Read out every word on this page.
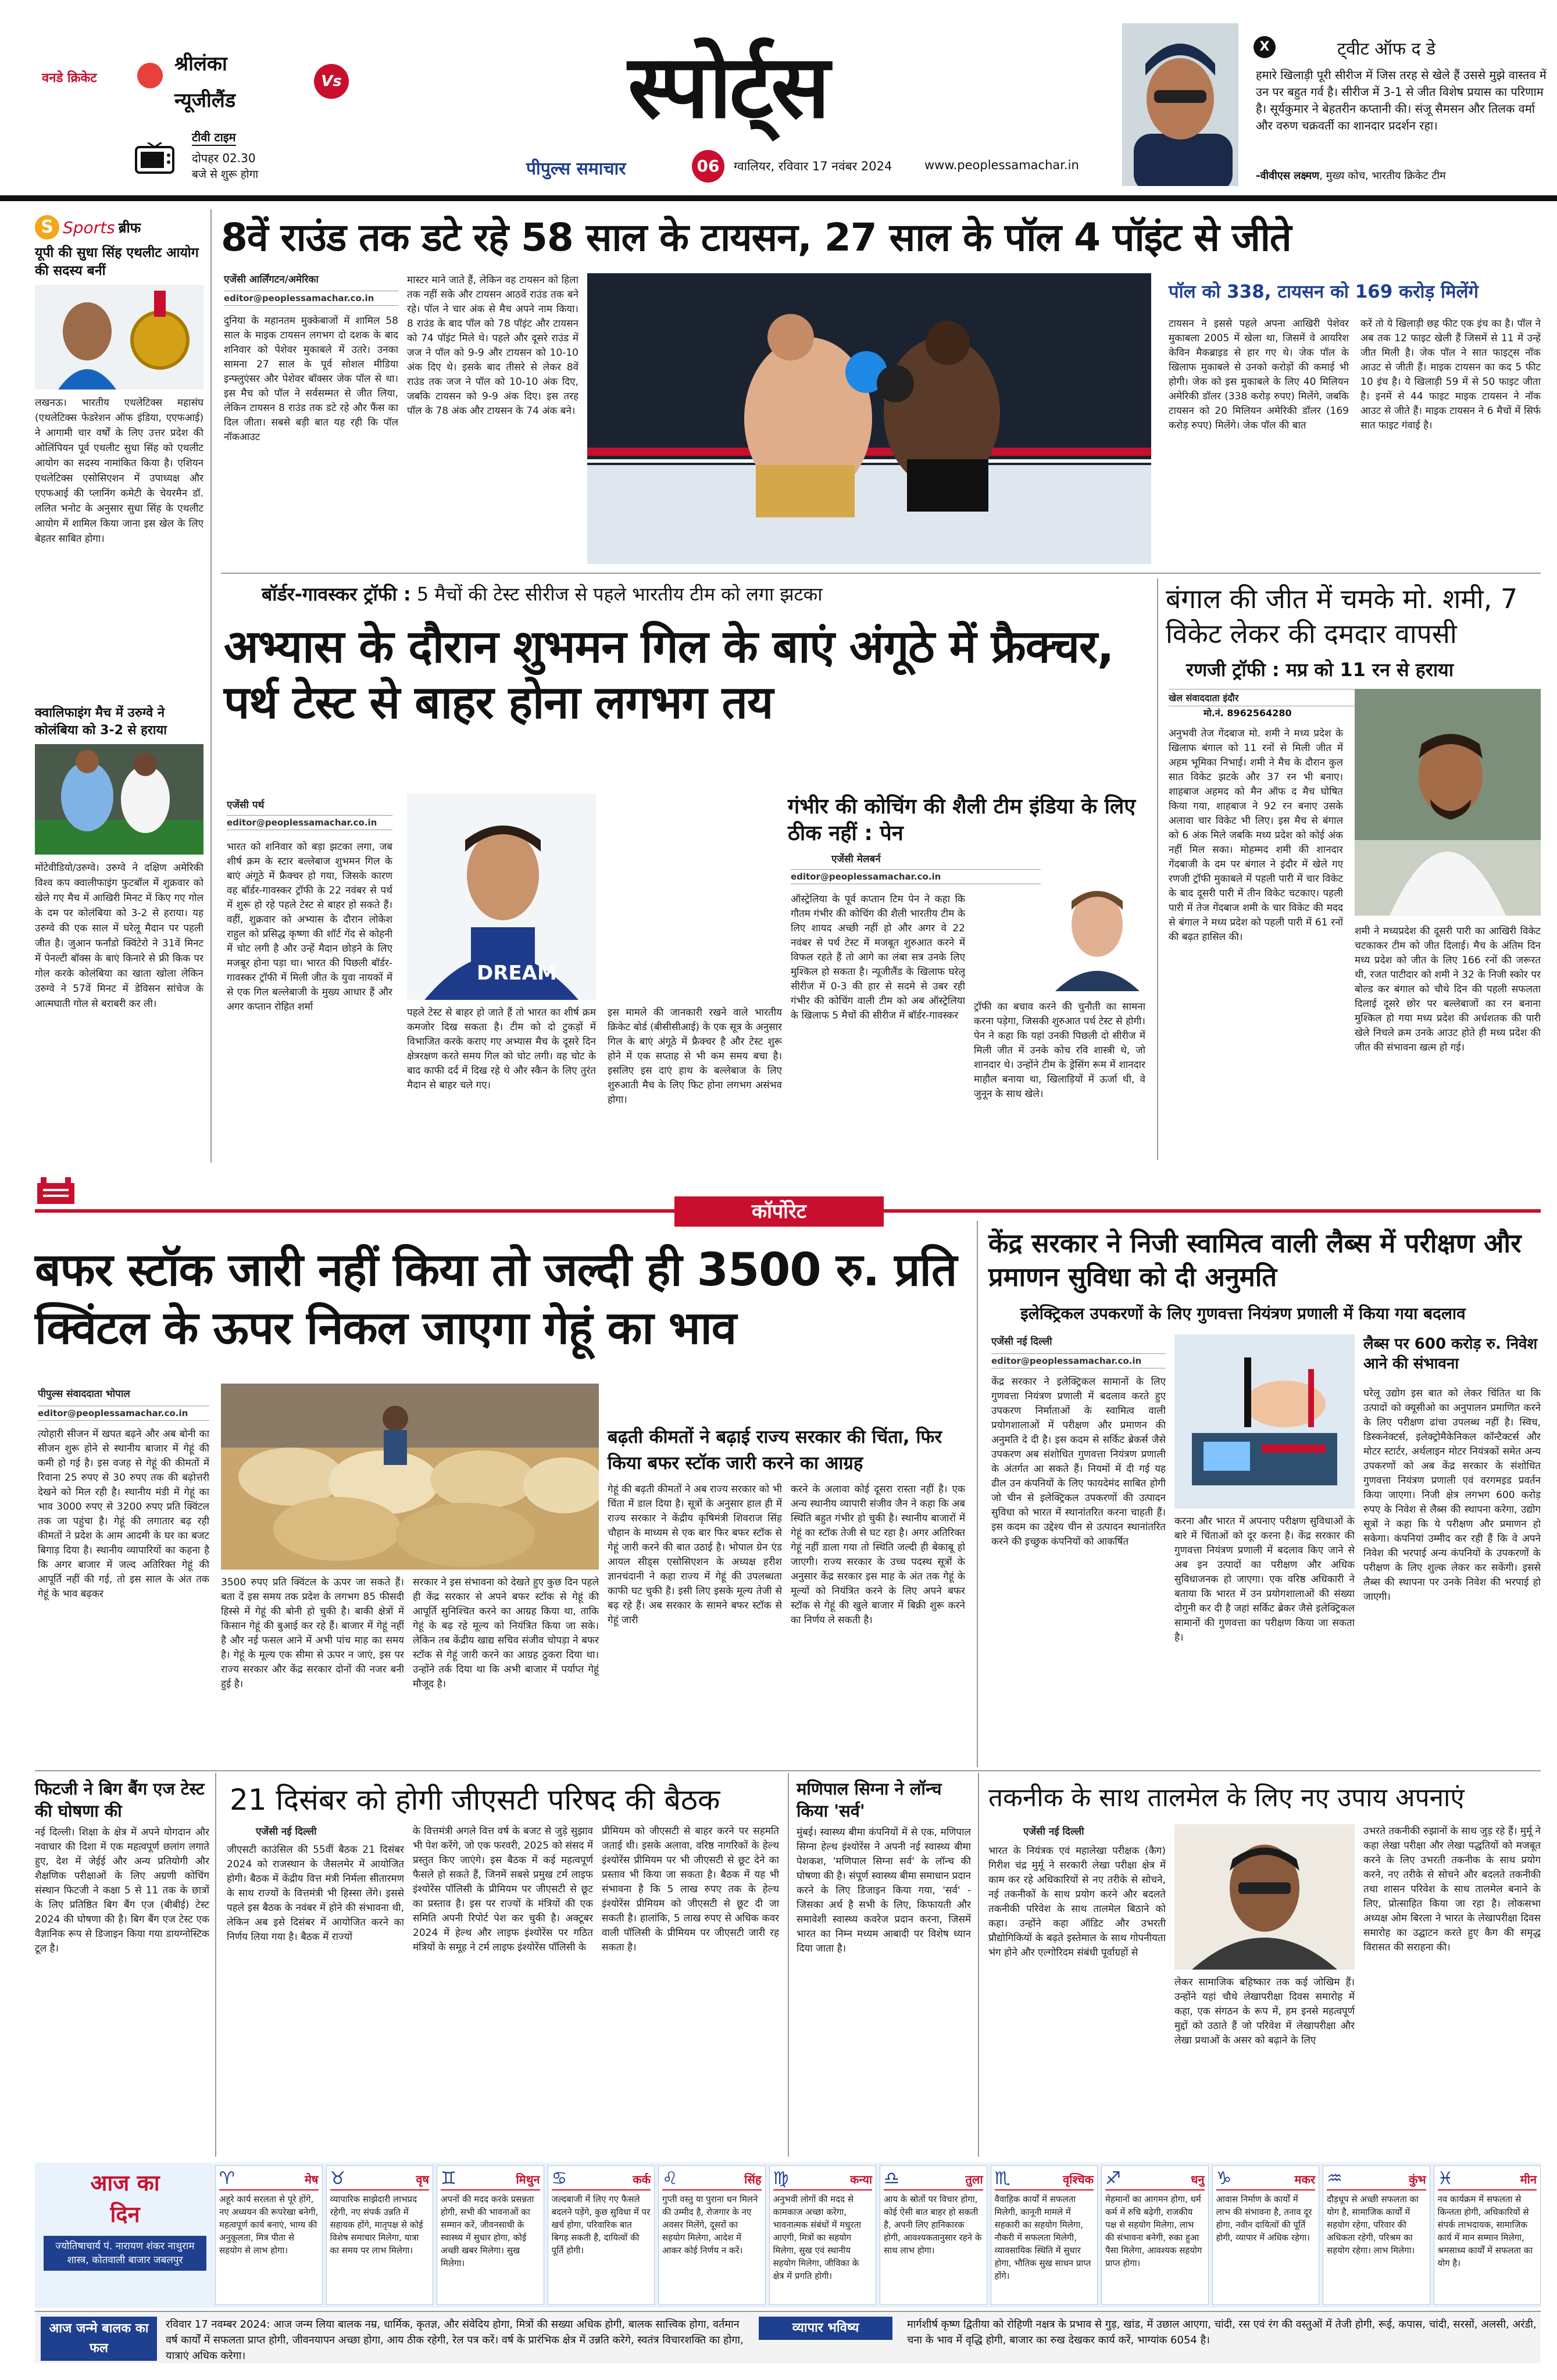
वनडे क्रिकेट
श्रीलंका
Vs
न्यूजीलैंड
टीवी टाइम
दोपहर 02.30
बजे से शुरू होगा
स्पोर्ट्स
पीपुल्स समाचार	06	ग्वालियर, रविवार 17 नवंबर 2024	www.peoplessamachar.in
X	ट्वीट ऑफ द डे
हमारे खिलाड़ी पूरी सीरीज में जिस तरह से खेले हैं उससे मुझे वास्तव में उन पर बहुत गर्व है। सीरीज में 3-1 से जीत विशेष प्रयास का परिणाम है। सूर्यकुमार ने बेहतरीन कप्तानी की। संजू सैमसन और तिलक वर्मा और वरुण चक्रवर्ती का शानदार प्रदर्शन रहा।
-वीवीएस लक्ष्मण, मुख्य कोच, भारतीय क्रिकेट टीम
S Sports ब्रीफ
यूपी की सुधा सिंह एथलीट आयोग की सदस्य बनीं
लखनऊ। भारतीय एथलेटिक्स महासंघ (एथलेटिक्स फेडरेशन ऑफ इंडिया, एएफआई) ने आगामी चार वर्षों के लिए उत्तर प्रदेश की ओलिंपियन पूर्व एथलीट सुधा सिंह को एथलीट आयोग का सदस्य नामांकित किया है। एशियन एथलेटिक्स एसोसिएशन में उपाध्यक्ष और एएफआई की प्लानिंग कमेटी के चेयरमैन डॉ. ललित भनोट के अनुसार सुधा सिंह के एथलीट आयोग में शामिल किया जाना इस खेल के लिए बेहतर साबित होगा।
क्वालिफाइंग मैच में उरुग्वे ने कोलंबिया को 3-2 से हराया
मोंटेवीडियो/उरुग्वे। उरुग्वे ने दक्षिण अमेरिकी विश्व कप क्वालीफाइंग फुटबॉल में शुक्रवार को खेले गए मैच में आखिरी मिनट में किए गए गोल के दम पर कोलंबिया को 3-2 से हराया। यह उरुग्वे की एक साल में घरेलू मैदान पर पहली जीत है। जुआन फर्नांडो क्विंटेरो ने 31वें मिनट में पेनल्टी बॉक्स के बाएं किनारे से फ्री किक पर गोल करके कोलंबिया का खाता खोला लेकिन उरुग्वे ने 57वें मिनट में डेविसन सांचेज के आत्मघाती गोल से बराबरी कर ली।
8वें राउंड तक डटे रहे 58 साल के टायसन, 27 साल के पॉल 4 पॉइंट से जीते
एजेंसी आर्लिंगटन/अमेरिका
editor@peoplessamachar.co.in
दुनिया के महानतम मुक्केबाजों में शामिल 58 साल के माइक टायसन लगभग दो दशक के बाद शनिवार को पेशेवर मुकाबले में उतरे। उनका सामना 27 साल के पूर्व सोशल मीडिया इन्फ्लुएंसर और पेशेवर बॉक्सर जेक पॉल से था। इस मैच को पॉल ने सर्वसम्मत से जीत लिया, लेकिन टायसन 8 राउंड तक डटे रहे और फैंस का दिल जीता। सबसे बड़ी बात यह रही कि पॉल नॉकआउट
मास्टर माने जाते हैं, लेकिन वह टायसन को हिला तक नहीं सके और टायसन आठवें राउंड तक बने रहे। पॉल ने चार अंक से मैच अपने नाम किया। 8 राउंड के बाद पॉल को 78 पॉइंट और टायसन को 74 पॉइंट मिले थे। पहले और दूसरे राउंड में जज ने पॉल को 9-9 और टायसन को 10-10 अंक दिए थे। इसके बाद तीसरे से लेकर 8वें राउंड तक जज ने पॉल को 10-10 अंक दिए, जबकि टायसन को 9-9 अंक दिए। इस तरह पॉल के 78 अंक और टायसन के 74 अंक बने।
पॉल को 338, टायसन को 169 करोड़ मिलेंगे
टायसन ने इससे पहले अपना आखिरी पेशेवर मुकाबला 2005 में खेला था, जिसमें वे आयरिश केविन मैकब्राइड से हार गए थे। जेक पॉल के खिलाफ मुकाबले से उनको करोड़ों की कमाई भी होगी। जेक को इस मुकाबले के लिए 40 मिलियन अमेरिकी डॉलर (338 करोड़ रुपए) मिलेंगे, जबकि टायसन को 20 मिलियन अमेरिकी डॉलर (169 करोड़ रुपए) मिलेंगे। जेक पॉल की बात
करें तो ये खिलाड़ी छह फीट एक इंच का है। पॉल ने अब तक 12 फाइट खेली हैं जिसमें से 11 में उन्हें जीत मिली है। जेक पॉल ने सात फाइट्स नॉक आउट से जीती हैं। माइक टायसन का कद 5 फीट 10 इंच है। ये खिलाड़ी 59 में से 50 फाइट जीता है। इनमें से 44 फाइट माइक टायसन ने नॉक आउट से जीते हैं। माइक टायसन ने 6 मैचों में सिर्फ सात फाइट गंवाई है।
बॉर्डर-गावस्कर ट्रॉफी : 5 मैचों की टेस्ट सीरीज से पहले भारतीय टीम को लगा झटका
अभ्यास के दौरान शुभमन गिल के बाएं अंगूठे में फ्रैक्चर, पर्थ टेस्ट से बाहर होना लगभग तय
एजेंसी पर्थ
editor@peoplessamachar.co.in
भारत को शनिवार को बड़ा झटका लगा, जब शीर्ष क्रम के स्टार बल्लेबाज शुभमन गिल के बाएं अंगूठे में फ्रैक्चर हो गया, जिसके कारण वह बॉर्डर-गावस्कर ट्रॉफी के 22 नवंबर से पर्थ में शुरू हो रहे पहले टेस्ट से बाहर हो सकते हैं। वहीं, शुक्रवार को अभ्यास के दौरान लोकेश राहुल को प्रसिद्ध कृष्णा की शॉर्ट गेंद से कोहनी में चोट लगी है और उन्हें मैदान छोड़ने के लिए मजबूर होना पड़ा था। भारत की पिछली बॉर्डर-गावस्कर ट्रॉफी में मिली जीत के युवा नायकों में से एक गिल बल्लेबाजी के मुख्य आधार हैं और अगर कप्तान रोहित शर्मा
DREAM
पहले टेस्ट से बाहर हो जाते हैं तो भारत का शीर्ष क्रम कमजोर दिख सकता है। टीम को दो टुकड़ों में विभाजित करके कराए गए अभ्यास मैच के दूसरे दिन क्षेत्ररक्षण करते समय गिल को चोट लगी। वह चोट के बाद काफी दर्द में दिख रहे थे और स्कैन के लिए तुरंत मैदान से बाहर चले गए।
इस मामले की जानकारी रखने वाले भारतीय क्रिकेट बोर्ड (बीसीसीआई) के एक सूत्र के अनुसार गिल के बाएं अंगूठे में फ्रैक्चर है और टेस्ट शुरू होने में एक सप्ताह से भी कम समय बचा है। इसलिए इस दाएं हाथ के बल्लेबाज के लिए शुरुआती मैच के लिए फिट होना लगभग असंभव होगा।
गंभीर की कोचिंग की शैली टीम इंडिया के लिए ठीक नहीं : पेन
एजेंसी मेलबर्न
editor@peoplessamachar.co.in
ऑस्ट्रेलिया के पूर्व कप्तान टिम पेन ने कहा कि गौतम गंभीर की कोचिंग की शैली भारतीय टीम के लिए शायद अच्छी नहीं हो और अगर वे 22 नवंबर से पर्थ टेस्ट में मजबूत शुरुआत करने में विफल रहते हैं तो आगे का लंबा सत्र उनके लिए मुश्किल हो सकता है। न्यूजीलैंड के खिलाफ घरेलू सीरीज में 0-3 की हार से सदमे से उबर रही गंभीर की कोचिंग वाली टीम को अब ऑस्ट्रेलिया के खिलाफ 5 मैचों की सीरीज में बॉर्डर-गावस्कर
ट्रॉफी का बचाव करने की चुनौती का सामना करना पड़ेगा, जिसकी शुरुआत पर्थ टेस्ट से होगी। पेन ने कहा कि यहां उनकी पिछली दो सीरीज में मिली जीत में उनके कोच रवि शास्त्री थे, जो शानदार थे। उन्होंने टीम के ड्रेसिंग रूम में शानदार माहौल बनाया था, खिलाड़ियों में ऊर्जा थी, वे जुनून के साथ खेले।
बंगाल की जीत में चमके मो. शमी, 7 विकेट लेकर की दमदार वापसी
रणजी ट्रॉफी : मप्र को 11 रन से हराया
खेल संवाददाता इंदौर
मो.नं. 8962564280
अनुभवी तेज गेंदबाज मो. शमी ने मध्य प्रदेश के खिलाफ बंगाल को 11 रनों से मिली जीत में अहम भूमिका निभाई। शमी ने मैच के दौरान कुल सात विकेट झटके और 37 रन भी बनाए। शाहबाज अहमद को मैन ऑफ द मैच घोषित किया गया, शाहबाज ने 92 रन बनाए उसके अलावा चार विकेट भी लिए। इस मैच से बंगाल को 6 अंक मिले जबकि मध्य प्रदेश को कोई अंक नहीं मिल सका। मोहम्मद शमी की शानदार गेंदबाजी के दम पर बंगाल ने इंदौर में खेले गए रणजी ट्रॉफी मुकाबले में पहली पारी में चार विकेट के बाद दूसरी पारी में तीन विकेट चटकाए। पहली पारी में तेज गेंदबाज शमी के चार विकेट की मदद से बंगाल ने मध्य प्रदेश को पहली पारी में 61 रनों की बढ़त हासिल की।	शमी ने मध्यप्रदेश की दूसरी पारी का आखिरी विकेट चटकाकर टीम को जीत दिलाई। मैच के अंतिम दिन मध्य प्रदेश को जीत के लिए 166 रनों की जरूरत थी, रजत पाटीदार को शमी ने 32 के निजी स्कोर पर बोल्ड कर बंगाल को चौथे दिन की पहली सफलता दिलाई दूसरे छोर पर बल्लेबाजों का रन बनाना मुश्किल हो गया मध्य प्रदेश की अर्धशतक की पारी खेले निचले क्रम उनके आउट होते ही मध्य प्रदेश की जीत की संभावना खत्म हो गई।
कॉर्पोरेट
बफर स्टॉक जारी नहीं किया तो जल्दी ही 3500 रु. प्रति क्विंटल के ऊपर निकल जाएगा गेहूं का भाव
पीपुल्स संवाददाता भोपाल
editor@peoplessamachar.co.in
त्योहारी सीजन में खपत बढ़ने और अब बोनी का सीजन शुरू होने से स्थानीय बाजार में गेहूं की कमी हो गई है। इस वजह से गेहूं की कीमतों में रिवाना 25 रुपए से 30 रुपए तक की बढ़ोत्तरी देखने को मिल रही है। स्थानीय मंडी में गेहूं का भाव 3000 रुपए से 3200 रुपए प्रति क्विंटल तक जा पहुंचा है। गेहूं की लगातार बढ़ रही कीमतों ने प्रदेश के आम आदमी के घर का बजट बिगाड़ दिया है। स्थानीय व्यापारियों का कहना है कि अगर बाजार में जल्द अतिरिक्त गेहूं की आपूर्ति नहीं की गई, तो इस साल के अंत तक गेहूं के भाव बढ़कर
3500 रुपए प्रति क्विंटल के ऊपर जा सकते हैं। बता दें इस समय तक प्रदेश के लगभग 85 फीसदी हिस्से में गेहूं की बोनी हो चुकी है। बाकी क्षेत्रों में किसान गेहूं की बुआई कर रहे हैं। बाजार में गेहूं नहीं है और नई फसल आने में अभी पांच माह का समय है। गेहूं के मूल्य एक सीमा से ऊपर न जाएं, इस पर राज्य सरकार और केंद्र सरकार दोनों की नजर बनी हुई है।
सरकार ने इस संभावना को देखते हुए कुछ दिन पहले ही केंद्र सरकार से अपने बफर स्टॉक से गेहूं की आपूर्ति सुनिश्चित करने का आग्रह किया था, ताकि गेहूं के बढ़ रहे मूल्य को नियंत्रित किया जा सके। लेकिन तब केंद्रीय खाद्य सचिव संजीव चोपड़ा ने बफर स्टॉक से गेहूं जारी करने का आग्रह ठुकरा दिया था। उन्होंने तर्क दिया था कि अभी बाजार में पर्याप्त गेहूं मौजूद है।
बढ़ती कीमतों ने बढ़ाई राज्य सरकार की चिंता, फिर किया बफर स्टॉक जारी करने का आग्रह
गेहूं की बढ़ती कीमतों ने अब राज्य सरकार को भी चिंता में डाल दिया है। सूत्रों के अनुसार हाल ही में राज्य सरकार ने केंद्रीय कृषिमंत्री शिवराज सिंह चौहान के माध्यम से एक बार फिर बफर स्टॉक से गेहूं जारी करने की बात उठाई है। भोपाल ग्रेन एंड आयल सीड्स एसोसिएशन के अध्यक्ष हरीश ज्ञानचंदानी ने कहा राज्य में गेहूं की उपलब्धता काफी घट चुकी है। इसी लिए इसके मूल्य तेजी से बढ़ रहे हैं। अब सरकार के सामने बफर स्टॉक से गेहूं जारी
करने के अलावा कोई दूसरा रास्ता नहीं है। एक अन्य स्थानीय व्यापारी संजीव जैन ने कहा कि अब स्थिति बहुत गंभीर हो चुकी है। स्थानीय बाजारों में गेहूं का स्टॉक तेजी से घट रहा है। अगर अतिरिक्त गेहूं नहीं डाला गया तो स्थिति जल्दी ही बेकाबू हो जाएगी। राज्य सरकार के उच्च पदस्थ सूत्रों के अनुसार केंद्र सरकार इस माह के अंत तक गेहूं के मूल्यों को नियंत्रित करने के लिए अपने बफर स्टॉक से गेहूं की खुले बाजार में बिक्री शुरू करने का निर्णय ले सकती है।
केंद्र सरकार ने निजी स्वामित्व वाली लैब्स में परीक्षण और प्रमाणन सुविधा को दी अनुमति
इलेक्ट्रिकल उपकरणों के लिए गुणवत्ता नियंत्रण प्रणाली में किया गया बदलाव
एजेंसी नई दिल्ली
editor@peoplessamachar.co.in
केंद्र सरकार ने इलेक्ट्रिकल सामानों के लिए गुणवत्ता नियंत्रण प्रणाली में बदलाव करते हुए उपकरण निर्माताओं के स्वामित्व वाली प्रयोगशालाओं में परीक्षण और प्रमाणन की अनुमति दे दी है। इस कदम से सर्किट ब्रेकर्स जैसे उपकरण अब संशोधित गुणवत्ता नियंत्रण प्रणाली के अंतर्गत आ सकते हैं। नियमों में दी गई यह ढील उन कंपनियों के लिए फायदेमंद साबित होगी जो चीन से इलेक्ट्रिकल उपकरणों की उत्पादन सुविधा को भारत में स्थानांतरित करना चाहती हैं। इस कदम का उद्देश्य चीन से उत्पादन स्थानांतरित करने की इच्छुक कंपनियों को आकर्षित
करना और भारत में अपनाए परीक्षण सुविधाओं के बारे में चिंताओं को दूर करना है। केंद्र सरकार की गुणवत्ता नियंत्रण प्रणाली में बदलाव किए जाने से अब इन उत्पादों का परीक्षण और अधिक सुविधाजनक हो जाएगा। एक वरिष्ठ अधिकारी ने बताया कि भारत में उन प्रयोगशालाओं की संख्या दोगुनी कर दी है जहां सर्किट ब्रेकर जैसे इलेक्ट्रिकल सामानों की गुणवत्ता का परीक्षण किया जा सकता है।
लैब्स पर 600 करोड़ रु. निवेश आने की संभावना
घरेलू उद्योग इस बात को लेकर चिंतित था कि उत्पादों को क्यूसीओ का अनुपालन प्रमाणित करने के लिए परीक्षण ढांचा उपलब्ध नहीं है। स्विच, डिस्कनेक्टर्स, इलेक्ट्रोमैकेनिकल कॉन्टैक्टर्स और मोटर स्टार्टर, अर्थलाइन मोटर नियंत्रकों समेत अन्य उपकरणों को अब केंद्र सरकार के संशोधित गुणवत्ता नियंत्रण प्रणाली एवं वरगमइड प्रवर्तन किया जाएगा। निजी क्षेत्र लगभग 600 करोड़ रुपए के निवेश से लैब्स की स्थापना करेगा, उद्योग सूत्रों ने कहा कि ये परीक्षण और प्रमाणन हो सकेगा। कंपनियां उम्मीद कर रही हैं कि वे अपने निवेश की भरपाई अन्य कंपनियों के उपकरणों के परीक्षण के लिए शुल्क लेकर कर सकेंगी। इससे लैब्स की स्थापना पर उनके निवेश की भरपाई हो जाएगी।
फिटजी ने बिग बैंग एज टेस्ट की घोषणा की
नई दिल्ली। शिक्षा के क्षेत्र में अपने योगदान और नवाचार की दिशा में एक महत्वपूर्ण छलांग लगाते हुए, देश में जेईई और अन्य प्रतियोगी और शैक्षणिक परीक्षाओं के लिए अग्रणी कोचिंग संस्थान फिटजी ने कक्षा 5 से 11 तक के छात्रों के लिए प्रतिष्ठित बिग बैंग एज (बीबीई) टेस्ट 2024 की घोषणा की है। बिग बैंग एज टेस्ट एक वैज्ञानिक रूप से डिजाइन किया गया डायग्नोस्टिक टूल है।
21 दिसंबर को होगी जीएसटी परिषद की बैठक
एजेंसी नई दिल्ली
जीएसटी काउंसिल की 55वीं बैठक 21 दिसंबर 2024 को राजस्थान के जैसलमेर में आयोजित होगी। बैठक में केंद्रीय वित्त मंत्री निर्मला सीतारमण के साथ राज्यों के वित्तमंत्री भी हिस्सा लेंगे। इससे पहले इस बैठक के नवंबर में होने की संभावना थी, लेकिन अब इसे दिसंबर में आयोजित करने का निर्णय लिया गया है। बैठक में राज्यों
के वित्तमंत्री अगले वित्त वर्ष के बजट से जुड़े सुझाव भी पेश करेंगे, जो एक फरवरी, 2025 को संसद में प्रस्तुत किए जाएंगे। इस बैठक में कई महत्वपूर्ण फैसले हो सकते हैं, जिनमें सबसे प्रमुख टर्म लाइफ इंश्योरेंस पॉलिसी के प्रीमियम पर जीएसटी से छूट का प्रस्ताव है। इस पर राज्यों के मंत्रियों की एक समिति अपनी रिपोर्ट पेश कर चुकी है। अक्टूबर 2024 में हेल्थ और लाइफ इंश्योरेंस पर गठित मंत्रियों के समूह ने टर्म लाइफ इंश्योरेंस पॉलिसी के
प्रीमियम को जीएसटी से बाहर करने पर सहमति जताई थी। इसके अलावा, वरिष्ठ नागरिकों के हेल्थ इंश्योरेंस प्रीमियम पर भी जीएसटी से छूट देने का प्रस्ताव भी किया जा सकता है। बैठक में यह भी संभावना है कि 5 लाख रुपए तक के हेल्थ इंश्योरेंस प्रीमियम को जीएसटी से छूट दी जा सकती है। हालांकि, 5 लाख रुपए से अधिक कवर वाली पॉलिसी के प्रीमियम पर जीएसटी जारी रह सकता है।
मणिपाल सिग्ना ने लॉन्च किया 'सर्व'
मुंबई। स्वास्थ्य बीमा कंपनियों में से एक, मणिपाल सिग्ना हेल्थ इंश्योरेंस ने अपनी नई स्वास्थ्य बीमा पेशकश, 'मणिपाल सिग्ना सर्व' के लॉन्च की घोषणा की है। संपूर्ण स्वास्थ्य बीमा समाधान प्रदान करने के लिए डिजाइन किया गया, 'सर्व' - जिसका अर्थ है सभी के लिए, किफायती और समावेशी स्वास्थ्य कवरेज प्रदान करना, जिसमें भारत का निम्न मध्यम आबादी पर विशेष ध्यान दिया जाता है।
तकनीक के साथ तालमेल के लिए नए उपाय अपनाएं
एजेंसी नई दिल्ली
भारत के नियंत्रक एवं महालेखा परीक्षक (कैग) गिरीश चंद्र मुर्मू ने सरकारी लेखा परीक्षा क्षेत्र में काम कर रहे अधिकारियों से नए तरीके से सोचने, नई तकनीकों के साथ प्रयोग करने और बदलते तकनीकी परिवेश के साथ तालमेल बिठाने को कहा। उन्होंने कहा ऑडिट और उभरती प्रौद्योगिकियों के बढ़ते इस्तेमाल के साथ गोपनीयता भंग होने और एल्गोरिदम संबंधी पूर्वाग्रहों से
लेकर सामाजिक बहिष्कार तक कई जोखिम हैं। उन्होंने यहां चौथे लेखापरीक्षा दिवस समारोह में कहा, एक संगठन के रूप में, हम इनसे महत्वपूर्ण मुद्दों को उठाते हैं जो परिवेश में लेखापरीक्षा और लेखा प्रथाओं के असर को बढ़ाने के लिए
उभरते तकनीकी रुझानों के साथ जुड़ रहे हैं। मुर्मू ने कहा लेखा परीक्षा और लेखा पद्धतियों को मजबूत करने के लिए उभरती तकनीक के साथ प्रयोग करने, नए तरीके से सोचने और बदलते तकनीकी तथा शासन परिवेश के साथ तालमेल बनाने के लिए, प्रोत्साहित किया जा रहा है। लोकसभा अध्यक्ष ओम बिरला ने भारत के लेखापरीक्षा दिवस समारोह का उद्घाटन करते हुए कैग की समृद्ध विरासत की सराहना की।
आज का
दिन
ज्योतिषाचार्य पं. नारायण शंकर नाथुराम शास्त्र, कोतवाली बाजार जबलपुर
♈	मेष
अहूरे कार्य सरलता से पूरे होंगे, नए अध्ययन की रूपरेखा बनेगी, महत्वपूर्ण कार्य बनाएं, भाग्य की अनुकूलता, मित्र पीता से सहयोग से लाभ होगा।
♉	वृष
व्यापारिक साझेदारी लाभप्रद रहेगी, नए संपर्क उन्नति में सहायक होंगे, मातृपक्ष से कोई विशेष समाचार मिलेगा, यात्रा का समय पर लाभ मिलेगा।
♊	मिथुन
अपनों की मदद करके प्रसन्नता होगी, सभी की भावनाओं का सम्मान करें, जीवनसाथी के स्वास्थ्य में सुधार होगा, कोई अच्छी खबर मिलेगा। सुख मिलेगा।
♋	कर्क
जल्दबाजी में लिए गए फैसले बदलने पड़ेंगे, कुछ सुविधा में पर खर्च होगा, परिवारिक बात बिगड़ सकती है, दायित्वों की पूर्ति होगी।
♌	सिंह
गुप्ती वस्तु या पुराना धन मिलने की उम्मीद है, रोजगार के नए अवसर मिलेंगे, दूसरों का सहयोग मिलेगा, आदेश में आकर कोई निर्णय न करें।
♍	कन्या
अनुभवी लोगों की मदद से कामकाज अच्छा करेगा, भावनात्मक संबंधों में मधुरता आएगी, मित्रों का सहयोग मिलेगा, सुख एवं स्थानीय सहयोग मिलेगा, जीविका के क्षेत्र में प्रगति होगी।
♎	तुला
आय के स्रोतों पर विचार होगा, कोई ऐसी बात बाहर हो सकती है, अपनी लिए हानिकारक होगी, आवश्यकतानुसार रहने के साथ लाभ होगा।
♏	वृश्चिक
वैवाहिक कार्यों में सफलता मिलेगी, कानूनी मामले में सहकारी का सहयोग मिलेगा, नौकरी में सफलता मिलेगी, व्यावसायिक स्थिति में सुधार होगा, भौतिक सुख साधन प्राप्त होंगे।
♐	धनु
मेहमानों का आगमन होगा, धर्म कर्म में रुचि बढ़ेगी, राजकीय पक्ष से सहयोग मिलेगा, लाभ की संभावना बनेगी, रुका हुआ पैसा मिलेगा, आवश्यक सहयोग प्राप्त होगा।
♑	मकर
आवास निर्माण के कार्यों में लाभ की संभावना है, तनाव दूर होगा, नवीन दायित्वों की पूर्ति होगी, व्यापार में अधिक रहेगा।
♒	कुंभ
दौड़धूप से अच्छी सफलता का योग है, सामाजिक कार्यों में सहयोग रहेगा, परिवार की अधिकता रहेगी, परिश्रम का सहयोग रहेगा। लाभ मिलेगा।
♓	मीन
नव कार्यक्रम में सफलता से किन्तता होगी, अधिकारियों से संपर्क लाभदायक, सामाजिक कार्य में मान सम्मान मिलेगा, श्रमसाध्य कार्यों में सफलता का योग है।
आज जन्मे बालक का फल
रविवार 17 नवम्बर 2024: आज जन्म लिया बालक नम्र, धार्मिक, कृतज्ञ, और संवेदिय होगा, मित्रों की सख्या अधिक होगी, बालक सात्त्विक होगा, वर्तमान वर्ष कार्यों में सफलता प्राप्त होगी, जीवनयापन अच्छा होगा, आय ठीक रहेगी, रेल पत्र करें। वर्ष के प्रारंभिक क्षेत्र में उन्नति करेगे, स्वतंत्र विचारशक्ति का होगा, यात्राएं अधिक करेगा।
व्यापार भविष्य	मार्गशीर्ष कृष्ण द्वितीया को रोहिणी नक्षत्र के प्रभाव से गुड़, खांड, में उछाल आएगा, चांदी, रस एवं रंग की वस्तुओं में तेजी होगी, रूई, कपास, चांदी, सरसों, अलसी, अरंडी, चना के भाव में वृद्धि होगी, बाजार का रुख देखकर कार्य करें, भाग्यांक 6054 है।
